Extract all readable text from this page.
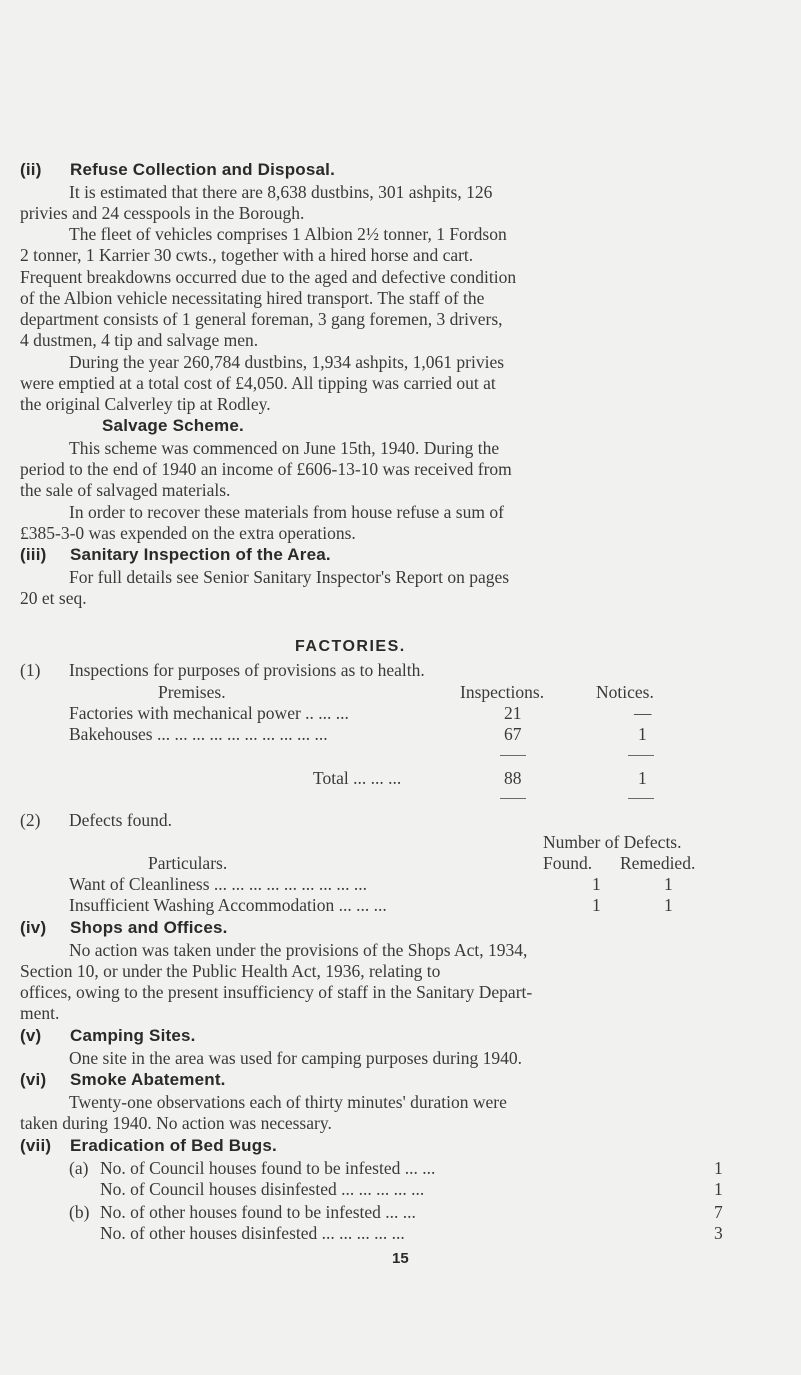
(ii) Refuse Collection and Disposal.
It is estimated that there are 8,638 dustbins, 301 ashpits, 126
privies and 24 cesspools in the Borough.
The fleet of vehicles comprises 1 Albion 2½ tonner, 1 Fordson
2 tonner, 1 Karrier 30 cwts., together with a hired horse and cart.
Frequent breakdowns occurred due to the aged and defective condition
of the Albion vehicle necessitating hired transport. The staff of the
department consists of 1 general foreman, 3 gang foremen, 3 drivers,
4 dustmen, 4 tip and salvage men.
During the year 260,784 dustbins, 1,934 ashpits, 1,061 privies
were emptied at a total cost of £4,050. All tipping was carried out at
the original Calverley tip at Rodley.
Salvage Scheme.
This scheme was commenced on June 15th, 1940. During the
period to the end of 1940 an income of £606-13-10 was received from
the sale of salvaged materials.
In order to recover these materials from house refuse a sum of
£385-3-0 was expended on the extra operations.
(iii) Sanitary Inspection of the Area.
For full details see Senior Sanitary Inspector's Report on pages
20 et seq.
FACTORIES.
(1) Inspections for purposes of provisions as to health.
Premises.	Inspections.	Notices.
Factories with mechanical power .. ... ...	21	—
Bakehouses ... ... ... ... ... ... ... ... ... ...	67	1
Total ... ... ...	88	1
(2) Defects found.
Number of Defects.
Particulars.	Found. Remedied.
Want of Cleanliness ... ... ... ... ... ... ... ... ...	1	1
Insufficient Washing Accommodation ... ... ...	1	1
(iv) Shops and Offices.
No action was taken under the provisions of the Shops Act, 1934,
Section 10, or under the Public Health Act, 1936, relating to
offices, owing to the present insufficiency of staff in the Sanitary Depart-
ment.
(v) Camping Sites.
One site in the area was used for camping purposes during 1940.
(vi) Smoke Abatement.
Twenty-one observations each of thirty minutes' duration were
taken during 1940. No action was necessary.
(vii) Eradication of Bed Bugs.
(a) No. of Council houses found to be infested ... ...	1
No. of Council houses disinfested ... ... ... ... ...	1
(b) No. of other houses found to be infested ... ...	7
No. of other houses disinfested ... ... ... ... ...	3
15
